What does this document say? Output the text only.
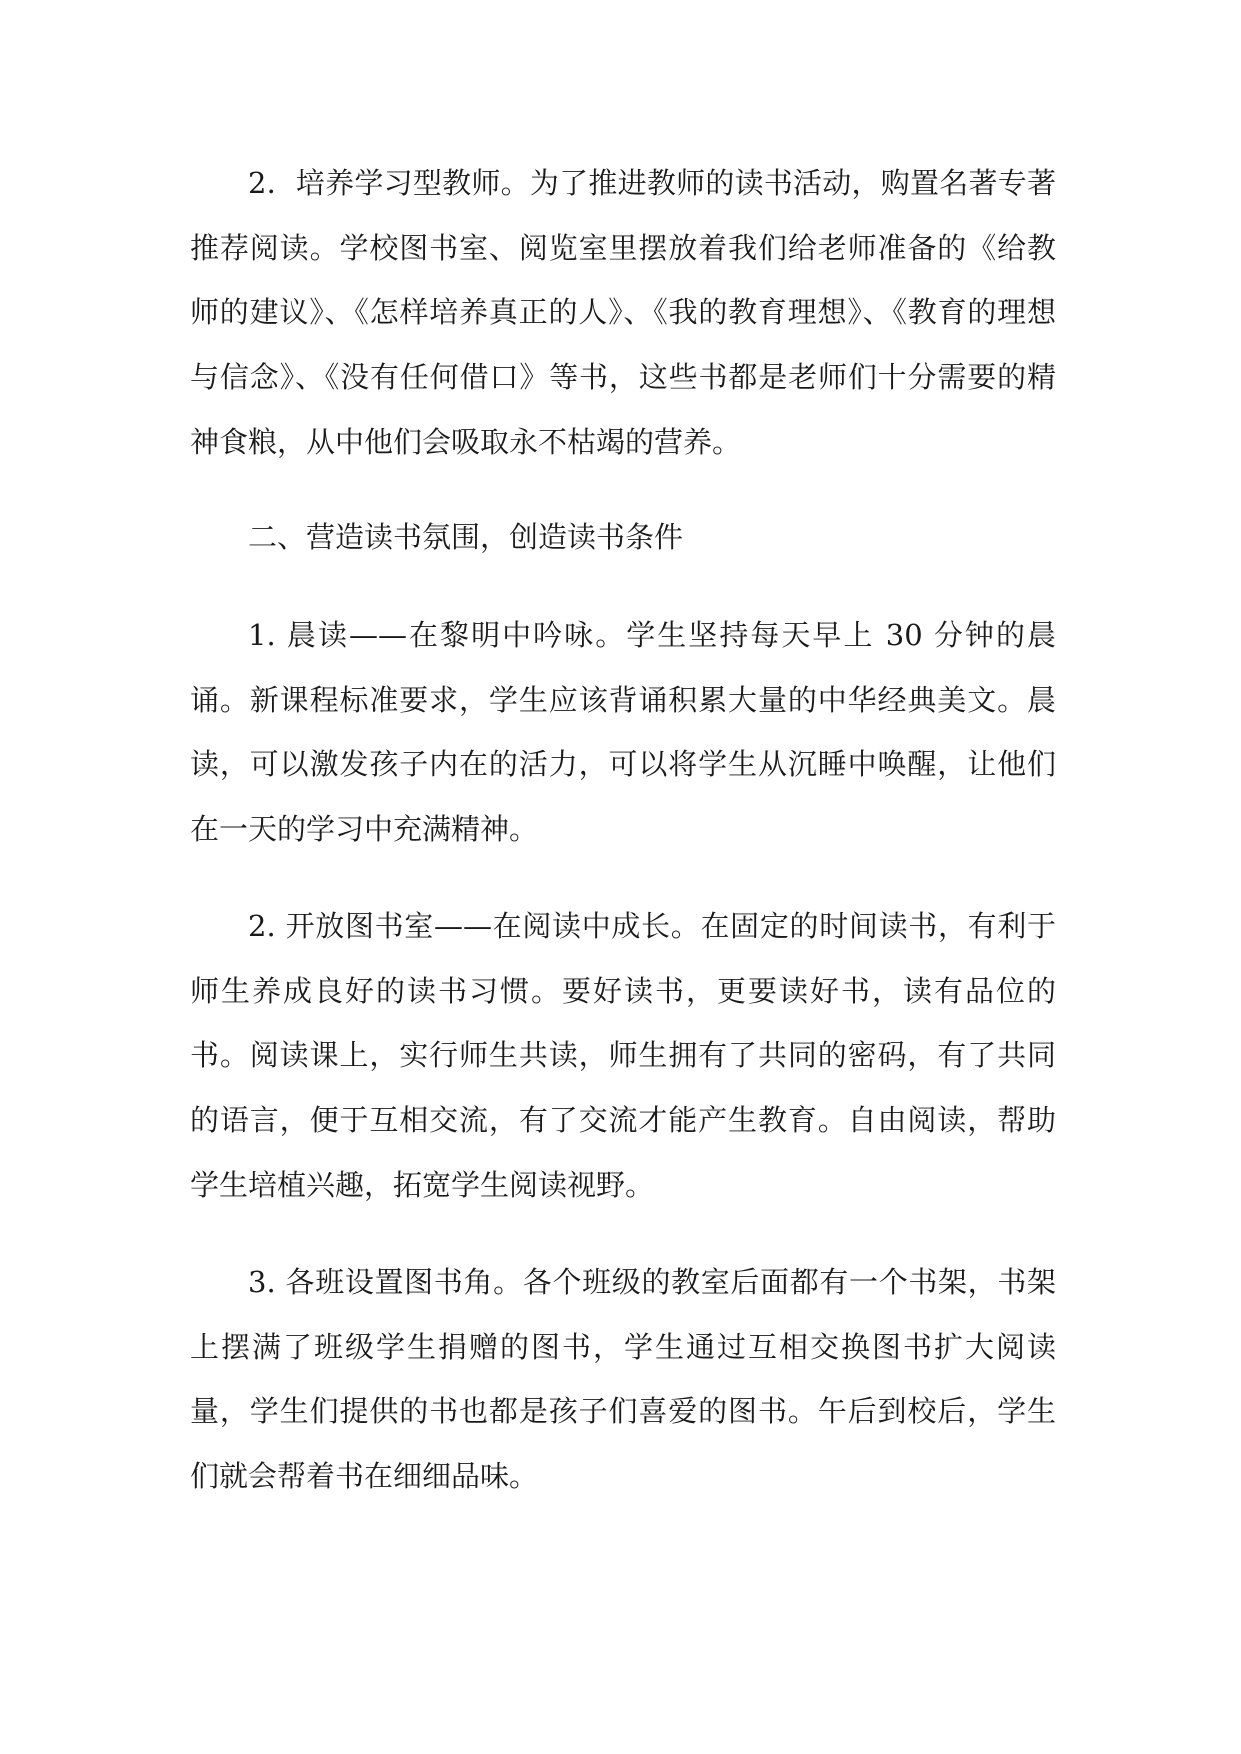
2．培养学习型教师。为了推进教师的读书活动，购置名著专著推荐阅读。学校图书室、阅览室里摆放着我们给老师准备的《给教师的建议》、《怎样培养真正的人》、《我的教育理想》、《教育的理想与信念》、《没有任何借口》等书，这些书都是老师们十分需要的精神食粮，从中他们会吸取永不枯竭的营养。

二、营造读书氛围，创造读书条件

1. 晨读——在黎明中吟咏。学生坚持每天早上 30 分钟的晨诵。新课程标准要求，学生应该背诵积累大量的中华经典美文。晨读，可以激发孩子内在的活力，可以将学生从沉睡中唤醒，让他们在一天的学习中充满精神。

2. 开放图书室——在阅读中成长。在固定的时间读书，有利于师生养成良好的读书习惯。要好读书，更要读好书，读有品位的书。阅读课上，实行师生共读，师生拥有了共同的密码，有了共同的语言，便于互相交流，有了交流才能产生教育。自由阅读，帮助学生培植兴趣，拓宽学生阅读视野。

3. 各班设置图书角。各个班级的教室后面都有一个书架，书架上摆满了班级学生捐赠的图书，学生通过互相交换图书扩大阅读量，学生们提供的书也都是孩子们喜爱的图书。午后到校后，学生们就会帮着书在细细品味。
